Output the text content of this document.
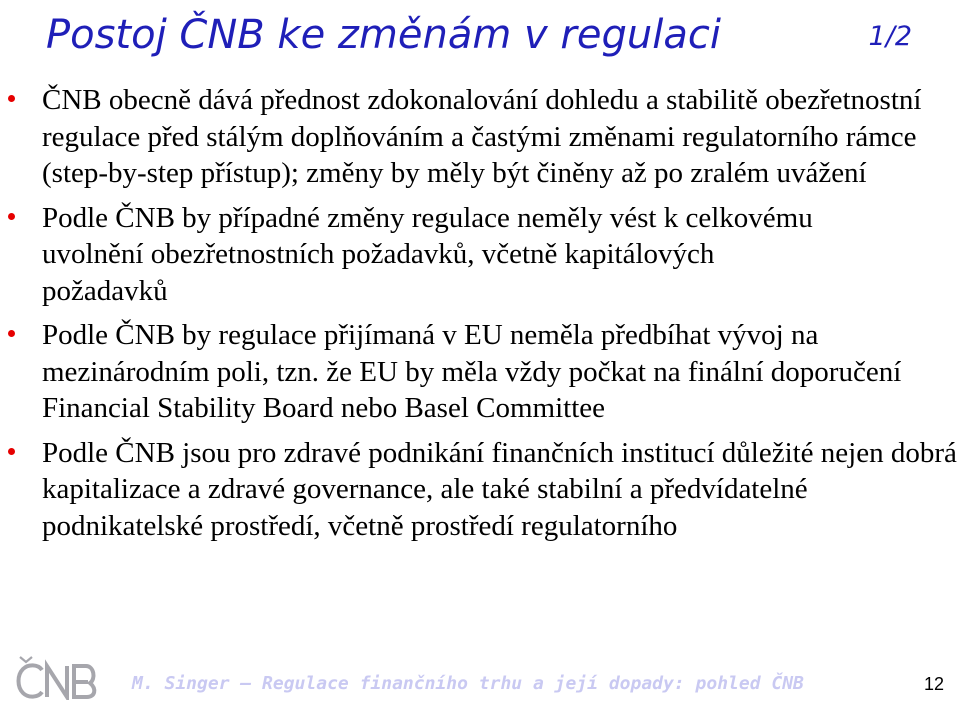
Postoj ČNB ke změnám v regulaci	1/2
ČNB obecně dává přednost zdokonalování dohledu a stabilitě obezřetnostní regulace před stálým doplňováním a častými změnami regulatorního rámce (step-by-step přístup); změny by měly být činěny až po zralém uvážení
Podle ČNB by případné změny regulace neměly vést k celkovému uvolnění obezřetnostních požadavků, včetně kapitálových požadavků
Podle ČNB by regulace přijímaná v EU neměla předbíhat vývoj na mezinárodním poli, tzn. že EU by měla vždy počkat na finální doporučení Financial Stability Board nebo Basel Committee
Podle ČNB jsou pro zdravé podnikání finančních institucí důležité nejen dobrá kapitalizace a zdravé governance, ale také stabilní a předvídatelné podnikatelské prostředí, včetně prostředí regulatorního
M. Singer – Regulace finančního trhu a její dopady: pohled ČNB	12
